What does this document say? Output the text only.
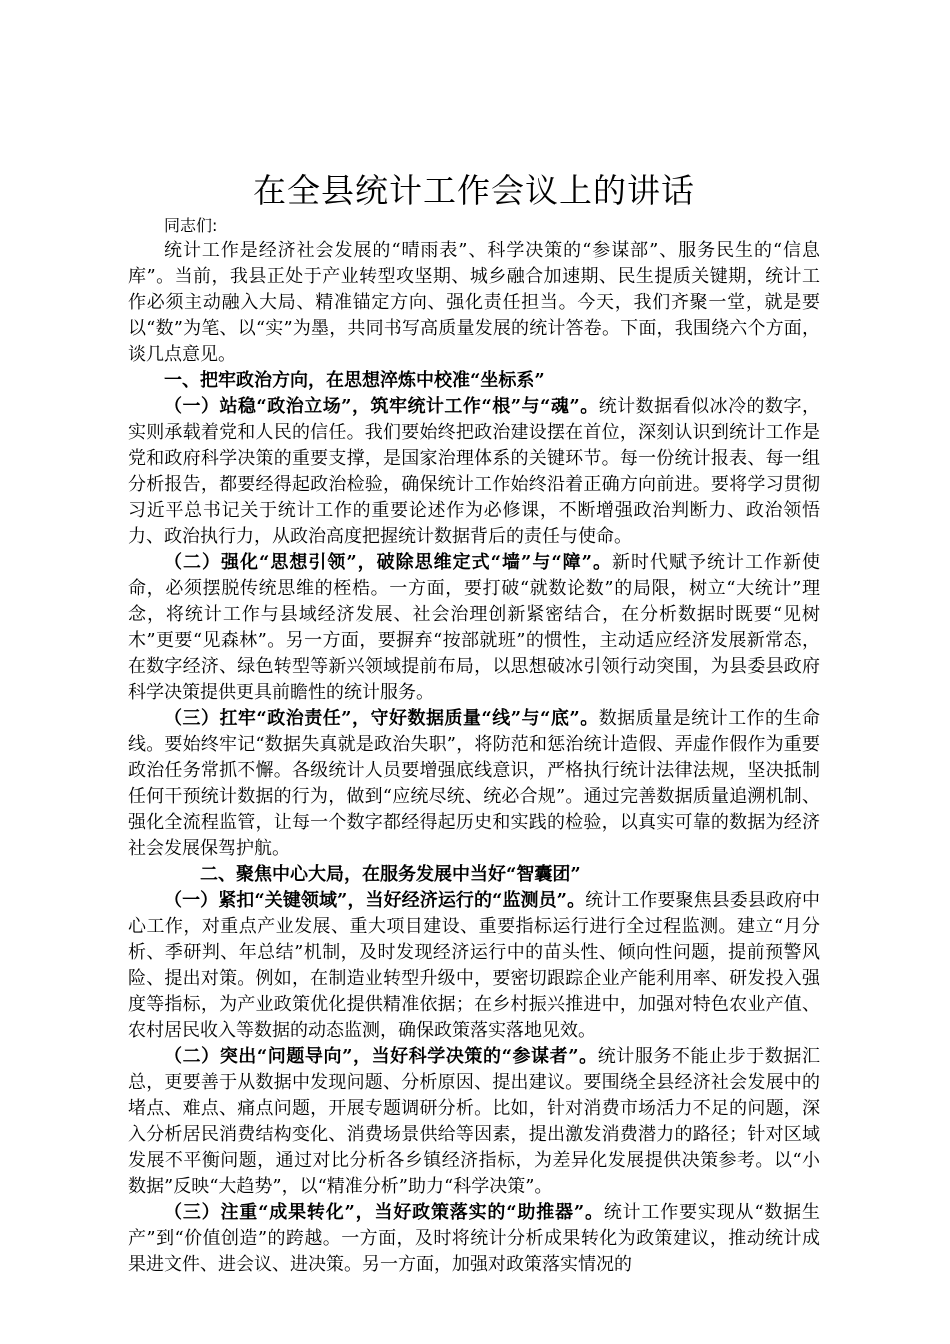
在全县统计工作会议上的讲话
同志们:

统计工作是经济社会发展的“晴雨表”、科学决策的“参谋部”、服务民生的“信息库”。当前，我县正处于产业转型攻坚期、城乡融合加速期、民生提质关键期，统计工作必须主动融入大局、精准锚定方向、强化责任担当。今天，我们齐聚一堂，就是要以“数”为笔、以“实”为墨，共同书写高质量发展的统计答卷。下面，我围绕六个方面，谈几点意见。

一、把牢政治方向，在思想淬炼中校准“坐标系”

（一）站稳“政治立场”，筑牢统计工作“根”与“魂”。统计数据看似冰冷的数字，实则承载着党和人民的信任。我们要始终把政治建设摆在首位，深刻认识到统计工作是党和政府科学决策的重要支撑，是国家治理体系的关键环节。每一份统计报表、每一组分析报告，都要经得起政治检验，确保统计工作始终沿着正确方向前进。要将学习贯彻习近平总书记关于统计工作的重要论述作为必修课，不断增强政治判断力、政治领悟力、政治执行力，从政治高度把握统计数据背后的责任与使命。

（二）强化“思想引领”，破除思维定式“墙”与“障”。新时代赋予统计工作新使命，必须摆脱传统思维的桎梏。一方面，要打破“就数论数”的局限，树立“大统计”理念，将统计工作与县域经济发展、社会治理创新紧密结合，在分析数据时既要“见树木”更要“见森林”。另一方面，要摒弃“按部就班”的惯性，主动适应经济发展新常态，在数字经济、绿色转型等新兴领域提前布局，以思想破冰引领行动突围，为县委县政府科学决策提供更具前瞻性的统计服务。

（三）扛牢“政治责任”，守好数据质量“线”与“底”。数据质量是统计工作的生命线。要始终牢记“数据失真就是政治失职”，将防范和惩治统计造假、弄虚作假作为重要政治任务常抓不懈。各级统计人员要增强底线意识，严格执行统计法律法规，坚决抵制任何干预统计数据的行为，做到“应统尽统、统必合规”。通过完善数据质量追溯机制、强化全流程监管，让每一个数字都经得起历史和实践的检验，以真实可靠的数据为经济社会发展保驾护航。

二、聚焦中心大局，在服务发展中当好“智囊团”

（一）紧扣“关键领域”，当好经济运行的“监测员”。统计工作要聚焦县委县政府中心工作，对重点产业发展、重大项目建设、重要指标运行进行全过程监测。建立“月分析、季研判、年总结”机制，及时发现经济运行中的苗头性、倾向性问题，提前预警风险、提出对策。例如，在制造业转型升级中，要密切跟踪企业产能利用率、研发投入强度等指标，为产业政策优化提供精准依据；在乡村振兴推进中，加强对特色农业产值、农村居民收入等数据的动态监测，确保政策落实落地见效。

（二）突出“问题导向”，当好科学决策的“参谋者”。统计服务不能止步于数据汇总，更要善于从数据中发现问题、分析原因、提出建议。要围绕全县经济社会发展中的堵点、难点、痛点问题，开展专题调研分析。比如，针对消费市场活力不足的问题，深入分析居民消费结构变化、消费场景供给等因素，提出激发消费潜力的路径；针对区域发展不平衡问题，通过对比分析各乡镇经济指标，为差异化发展提供决策参考。以“小数据”反映“大趋势”，以“精准分析”助力“科学决策”。

（三）注重“成果转化”，当好政策落实的“助推器”。统计工作要实现从“数据生产”到“价值创造”的跨越。一方面，及时将统计分析成果转化为政策建议，推动统计成果进文件、进会议、进决策。另一方面，加强对政策落实情况的
